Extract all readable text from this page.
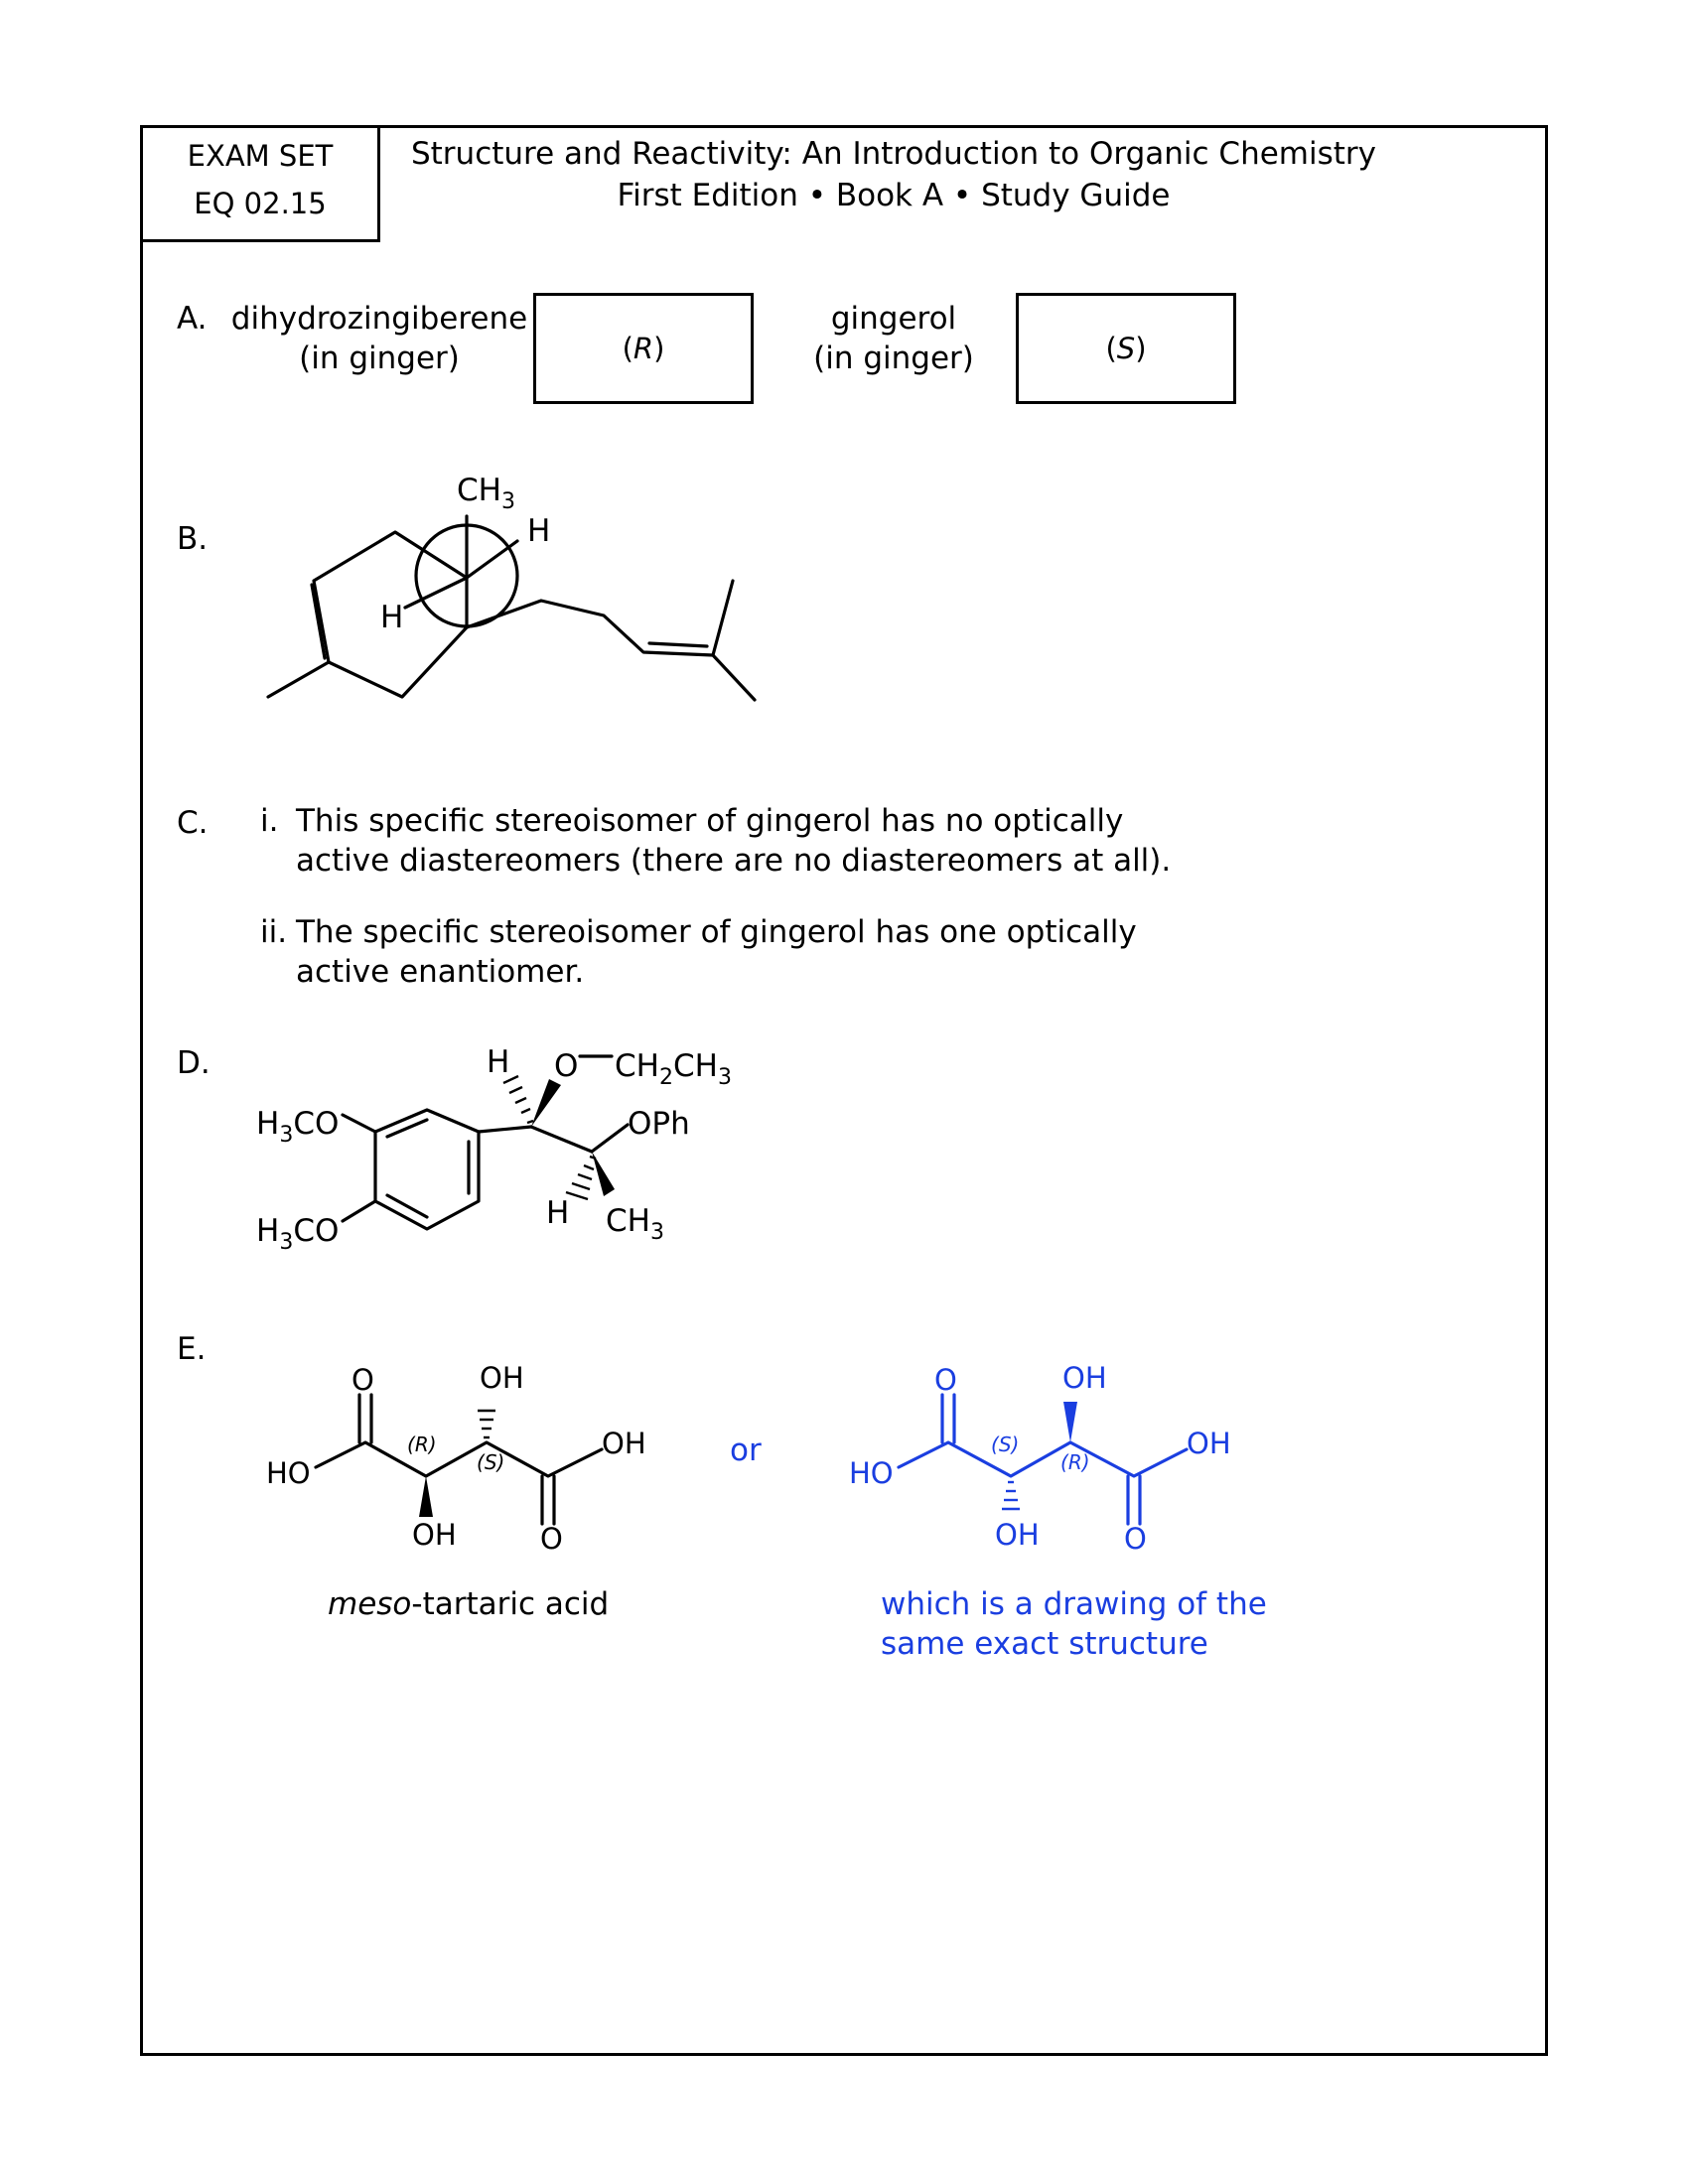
EXAM SET
EQ 02.15
Structure and Reactivity: An Introduction to Organic Chemistry
First Edition • Book A • Study Guide
A. dihydrozingiberene
(in ginger)	( R )
gingerol
(in ginger)	( S )
B.
$CH_3$
H
H
C. i. This specific stereoisomer of gingerol has no optically
active diastereomers (there are no diastereomers at all).
ii. The specific stereoisomer of gingerol has one optically
active enantiomer.
D.	H O $CH_2CH_3$
OPh
H $CH_3$
$H_3CO$
$H_3CO$
E.
O	OH
OH
HO
OH	O
(R)
(S)	or
O	OH
OH
HO
OH	O
(S)
(R)
meso-tartaric acid	which is a drawing of the
same exact structure
